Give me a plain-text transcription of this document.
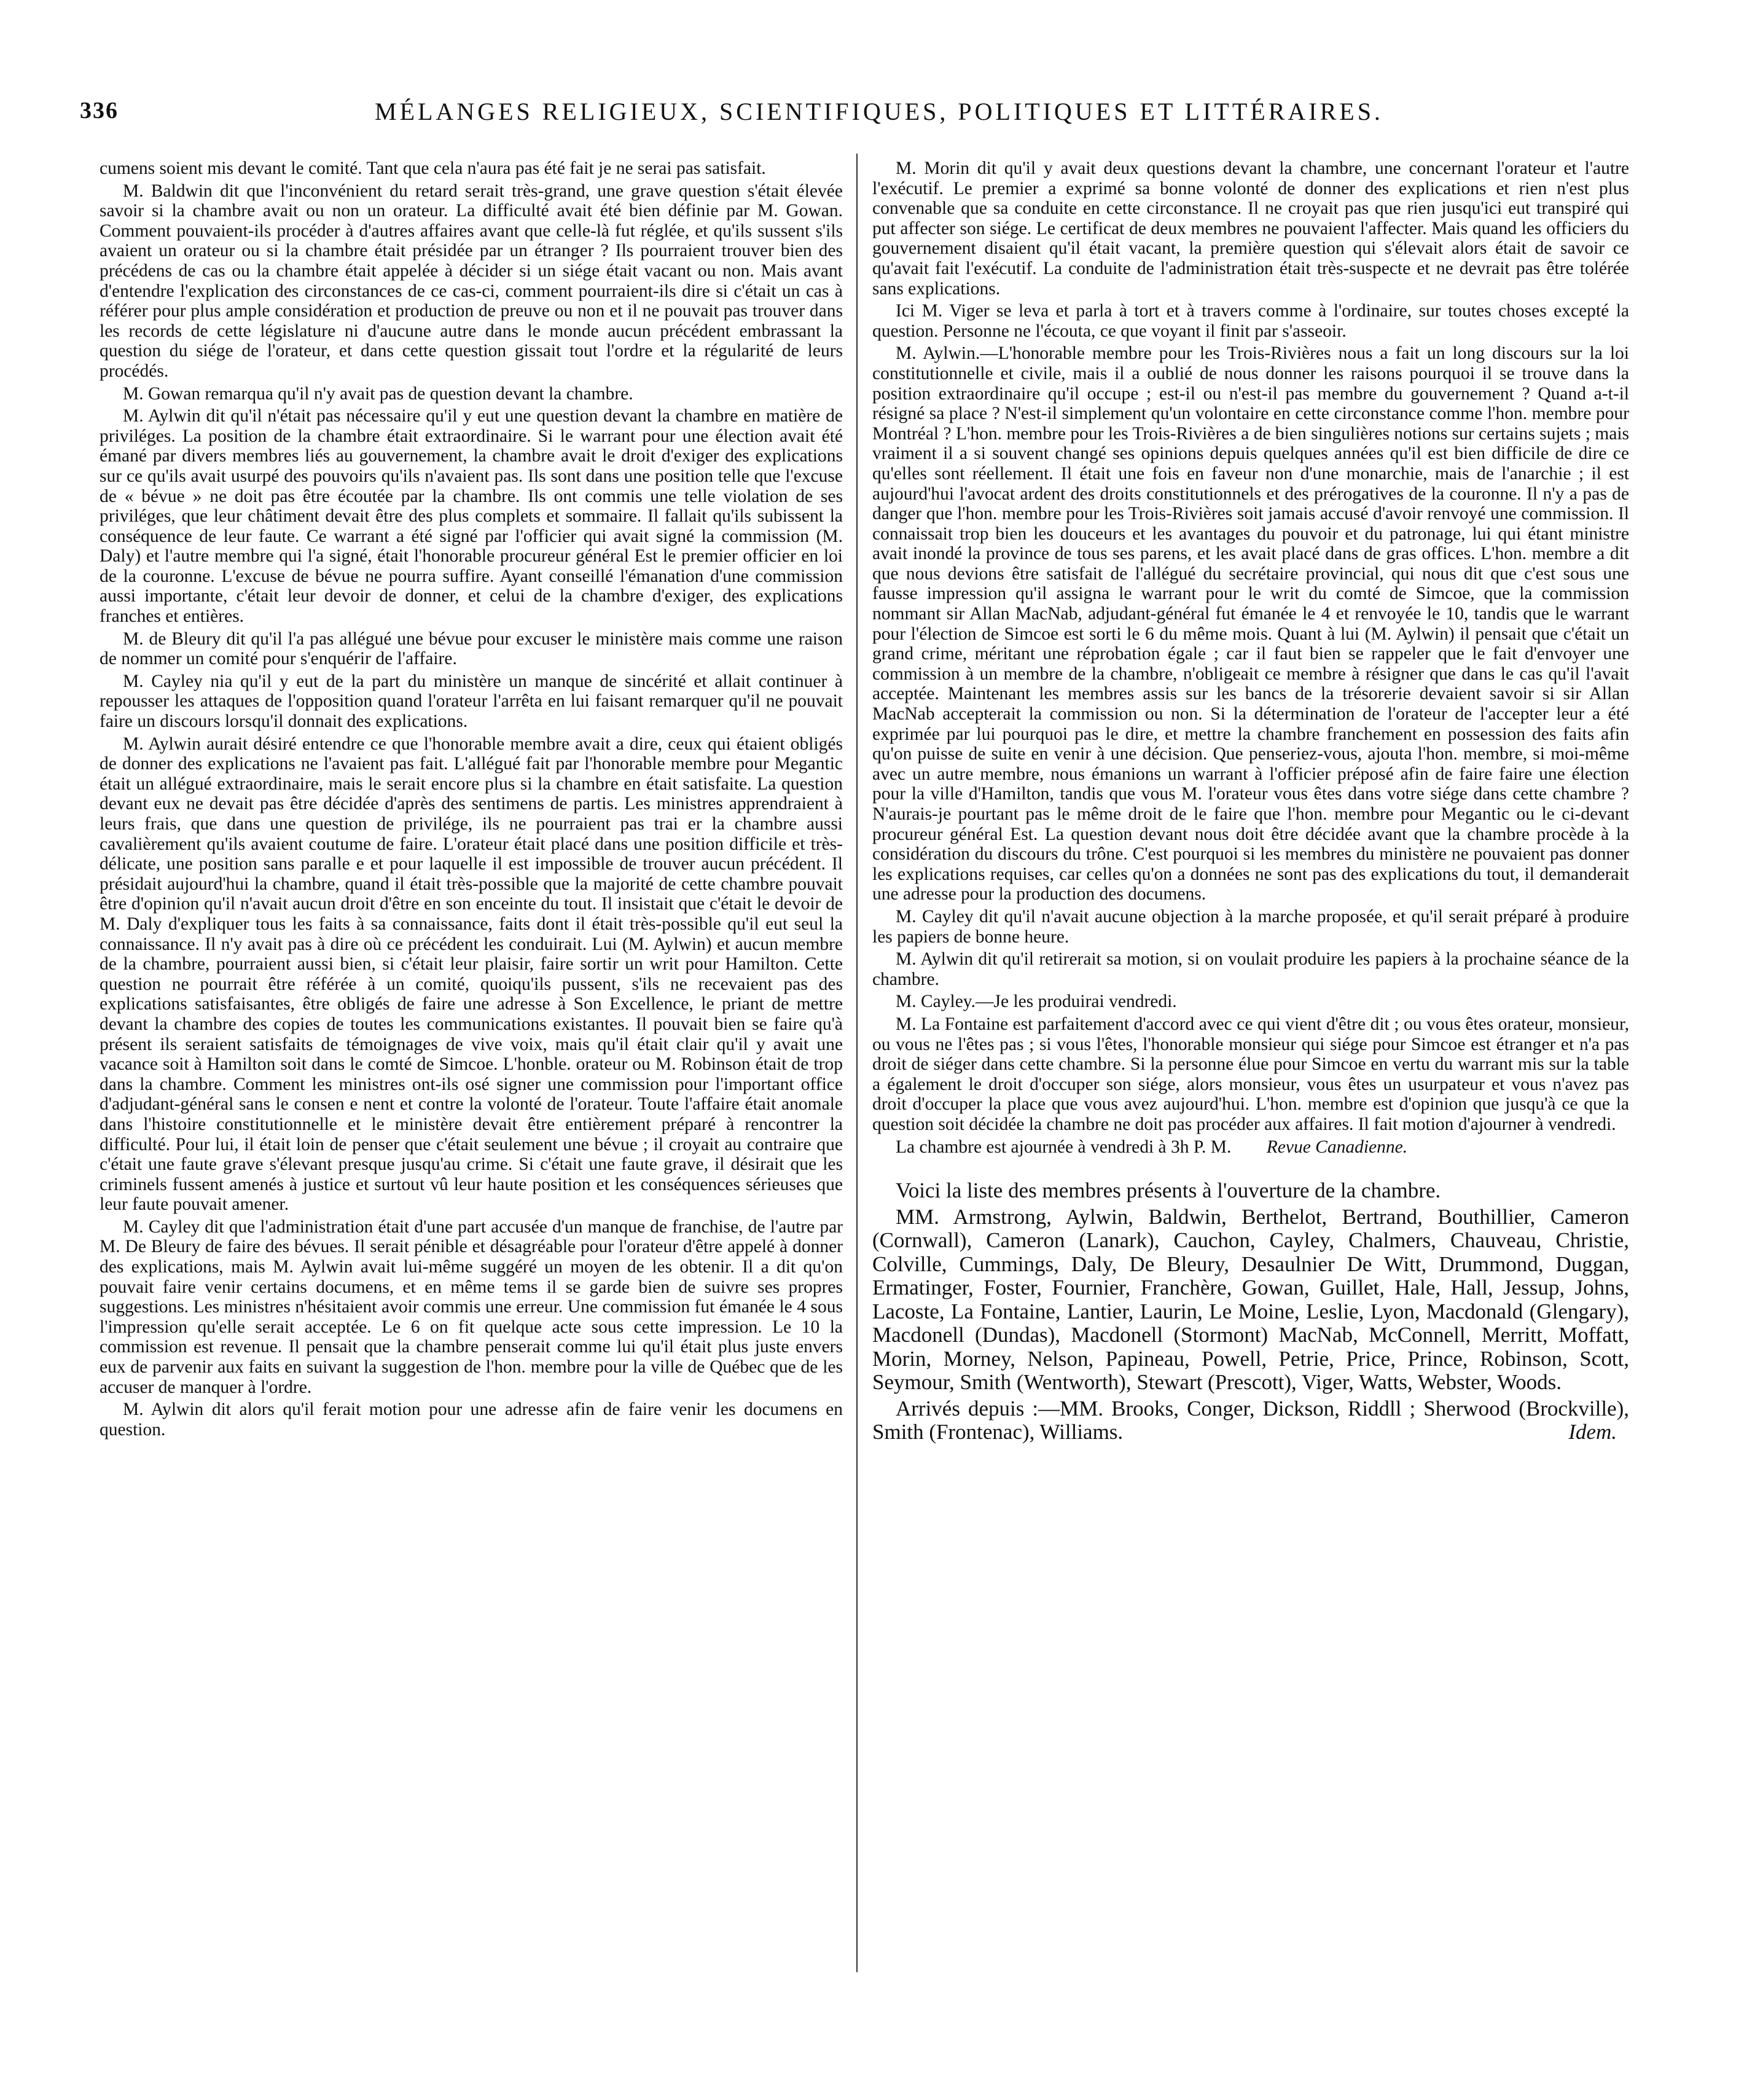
336	MÉLANGES RELIGIEUX, SCIENTIFIQUES, POLITIQUES ET LITTÉRAIRES.

cumens soient mis devant le comité. Tant que cela n'aura pas été fait je ne serai pas satisfait.

M. Baldwin dit que l'inconvénient du retard serait très-grand, une grave question s'était élevée savoir si la chambre avait ou non un orateur. La difficulté avait été bien définie par M. Gowan. Comment pouvaient-ils procéder à d'autres affaires avant que celle-là fut réglée, et qu'ils sussent s'ils avaient un orateur ou si la chambre était présidée par un étranger ? Ils pourraient trouver bien des précédens de cas ou la chambre était appelée à décider si un siége était vacant ou non. Mais avant d'entendre l'explication des circonstances de ce cas-ci, comment pourraient-ils dire si c'était un cas à référer pour plus ample considération et production de preuve ou non et il ne pouvait pas trouver dans les records de cette législature ni d'aucune autre dans le monde aucun précédent embrassant la question du siége de l'orateur, et dans cette question gissait tout l'ordre et la régularité de leurs procédés.

M. Gowan remarqua qu'il n'y avait pas de question devant la chambre.

M. Aylwin dit qu'il n'était pas nécessaire qu'il y eut une question devant la chambre en matière de priviléges. La position de la chambre était extraordinaire. Si le warrant pour une élection avait été émané par divers membres liés au gouvernement, la chambre avait le droit d'exiger des explications sur ce qu'ils avait usurpé des pouvoirs qu'ils n'avaient pas. Ils sont dans une position telle que l'excuse de « bévue » ne doit pas être écoutée par la chambre. Ils ont commis une telle violation de ses priviléges, que leur châtiment devait être des plus complets et sommaire. Il fallait qu'ils subissent la conséquence de leur faute. Ce warrant a été signé par l'officier qui avait signé la commission (M. Daly) et l'autre membre qui l'a signé, était l'honorable procureur général Est le premier officier en loi de la couronne. L'excuse de bévue ne pourra suffire. Ayant conseillé l'émanation d'une commission aussi importante, c'était leur devoir de donner, et celui de la chambre d'exiger, des explications franches et entières.

M. de Bleury dit qu'il l'a pas allégué une bévue pour excuser le ministère mais comme une raison de nommer un comité pour s'enquérir de l'affaire.

M. Cayley nia qu'il y eut de la part du ministère un manque de sincérité et allait continuer à repousser les attaques de l'opposition quand l'orateur l'arrêta en lui faisant remarquer qu'il ne pouvait faire un discours lorsqu'il donnait des explications.

M. Aylwin aurait désiré entendre ce que l'honorable membre avait a dire, ceux qui étaient obligés de donner des explications ne l'avaient pas fait. L'allégué fait par l'honorable membre pour Megantic était un allégué extraordinaire, mais le serait encore plus si la chambre en était satisfaite. La question devant eux ne devait pas être décidée d'après des sentimens de partis. Les ministres apprendraient à leurs frais, que dans une question de privilége, ils ne pourraient pas trai er la chambre aussi cavalièrement qu'ils avaient coutume de faire. L'orateur était placé dans une position difficile et très-délicate, une position sans paralle e et pour laquelle il est impossible de trouver aucun précédent. Il présidait aujourd'hui la chambre, quand il était très-possible que la majorité de cette chambre pouvait être d'opinion qu'il n'avait aucun droit d'être en son enceinte du tout. Il insistait que c'était le devoir de M. Daly d'expliquer tous les faits à sa connaissance, faits dont il était très-possible qu'il eut seul la connaissance. Il n'y avait pas à dire où ce précédent les conduirait. Lui (M. Aylwin) et aucun membre de la chambre, pourraient aussi bien, si c'était leur plaisir, faire sortir un writ pour Hamilton. Cette question ne pourrait être référée à un comité, quoiqu'ils pussent, s'ils ne recevaient pas des explications satisfaisantes, être obligés de faire une adresse à Son Excellence, le priant de mettre devant la chambre des copies de toutes les communications existantes. Il pouvait bien se faire qu'à présent ils seraient satisfaits de témoignages de vive voix, mais qu'il était clair qu'il y avait une vacance soit à Hamilton soit dans le comté de Simcoe. L'honble. orateur ou M. Robinson était de trop dans la chambre. Comment les ministres ont-ils osé signer une commission pour l'important office d'adjudant-général sans le consen e nent et contre la volonté de l'orateur. Toute l'affaire était anomale dans l'histoire constitutionnelle et le ministère devait être entièrement préparé à rencontrer la difficulté. Pour lui, il était loin de penser que c'était seulement une bévue ; il croyait au contraire que c'était une faute grave s'élevant presque jusqu'au crime. Si c'était une faute grave, il désirait que les criminels fussent amenés à justice et surtout vû leur haute position et les conséquences sérieuses que leur faute pouvait amener.

M. Cayley dit que l'administration était d'une part accusée d'un manque de franchise, de l'autre par M. De Bleury de faire des bévues. Il serait pénible et désagréable pour l'orateur d'être appelé à donner des explications, mais M. Aylwin avait lui-même suggéré un moyen de les obtenir. Il a dit qu'on pouvait faire venir certains documens, et en même tems il se garde bien de suivre ses propres suggestions. Les ministres n'hésitaient avoir commis une erreur. Une commission fut émanée le 4 sous l'impression qu'elle serait acceptée. Le 6 on fit quelque acte sous cette impression. Le 10 la commission est revenue. Il pensait que la chambre penserait comme lui qu'il était plus juste envers eux de parvenir aux faits en suivant la suggestion de l'hon. membre pour la ville de Québec que de les accuser de manquer à l'ordre.

M. Aylwin dit alors qu'il ferait motion pour une adresse afin de faire venir les documens en question.

M. Morin dit qu'il y avait deux questions devant la chambre, une concernant l'orateur et l'autre l'exécutif. Le premier a exprimé sa bonne volonté de donner des explications et rien n'est plus convenable que sa conduite en cette circonstance. Il ne croyait pas que rien jusqu'ici eut transpiré qui put affecter son siége. Le certificat de deux membres ne pouvaient l'affecter. Mais quand les officiers du gouvernement disaient qu'il était vacant, la première question qui s'élevait alors était de savoir ce qu'avait fait l'exécutif. La conduite de l'administration était très-suspecte et ne devrait pas être tolérée sans explications.

Ici M. Viger se leva et parla à tort et à travers comme à l'ordinaire, sur toutes choses excepté la question. Personne ne l'écouta, ce que voyant il finit par s'asseoir.

M. Aylwin.—L'honorable membre pour les Trois-Rivières nous a fait un long discours sur la loi constitutionnelle et civile, mais il a oublié de nous donner les raisons pourquoi il se trouve dans la position extraordinaire qu'il occupe ; est-il ou n'est-il pas membre du gouvernement ? Quand a-t-il résigné sa place ? N'est-il simplement qu'un volontaire en cette circonstance comme l'hon. membre pour Montréal ? L'hon. membre pour les Trois-Rivières a de bien singulières notions sur certains sujets ; mais vraiment il a si souvent changé ses opinions depuis quelques années qu'il est bien difficile de dire ce qu'elles sont réellement. Il était une fois en faveur non d'une monarchie, mais de l'anarchie ; il est aujourd'hui l'avocat ardent des droits constitutionnels et des prérogatives de la couronne. Il n'y a pas de danger que l'hon. membre pour les Trois-Rivières soit jamais accusé d'avoir renvoyé une commission. Il connaissait trop bien les douceurs et les avantages du pouvoir et du patronage, lui qui étant ministre avait inondé la province de tous ses parens, et les avait placé dans de gras offices. L'hon. membre a dit que nous devions être satisfait de l'allégué du secrétaire provincial, qui nous dit que c'est sous une fausse impression qu'il assigna le warrant pour le writ du comté de Simcoe, que la commission nommant sir Allan MacNab, adjudant-général fut émanée le 4 et renvoyée le 10, tandis que le warrant pour l'élection de Simcoe est sorti le 6 du même mois. Quant à lui (M. Aylwin) il pensait que c'était un grand crime, méritant une réprobation égale ; car il faut bien se rappeler que le fait d'envoyer une commission à un membre de la chambre, n'obligeait ce membre à résigner que dans le cas qu'il l'avait acceptée. Maintenant les membres assis sur les bancs de la trésorerie devaient savoir si sir Allan MacNab accepterait la commission ou non. Si la détermination de l'orateur de l'accepter leur a été exprimée par lui pourquoi pas le dire, et mettre la chambre franchement en possession des faits afin qu'on puisse de suite en venir à une décision. Que penseriez-vous, ajouta l'hon. membre, si moi-même avec un autre membre, nous émanions un warrant à l'officier préposé afin de faire faire une élection pour la ville d'Hamilton, tandis que vous M. l'orateur vous êtes dans votre siége dans cette chambre ? N'aurais-je pourtant pas le même droit de le faire que l'hon. membre pour Megantic ou le ci-devant procureur général Est. La question devant nous doit être décidée avant que la chambre procède à la considération du discours du trône. C'est pourquoi si les membres du ministère ne pouvaient pas donner les explications requises, car celles qu'on a données ne sont pas des explications du tout, il demanderait une adresse pour la production des documens.

M. Cayley dit qu'il n'avait aucune objection à la marche proposée, et qu'il serait préparé à produire les papiers de bonne heure.

M. Aylwin dit qu'il retirerait sa motion, si on voulait produire les papiers à la prochaine séance de la chambre.

M. Cayley.—Je les produirai vendredi.

M. La Fontaine est parfaitement d'accord avec ce qui vient d'être dit ; ou vous êtes orateur, monsieur, ou vous ne l'êtes pas ; si vous l'êtes, l'honorable monsieur qui siége pour Simcoe est étranger et n'a pas droit de siéger dans cette chambre. Si la personne élue pour Simcoe en vertu du warrant mis sur la table a également le droit d'occuper son siége, alors monsieur, vous êtes un usurpateur et vous n'avez pas droit d'occuper la place que vous avez aujourd'hui. L'hon. membre est d'opinion que jusqu'à ce que la question soit décidée la chambre ne doit pas procéder aux affaires. Il fait motion d'ajourner à vendredi.

La chambre est ajournée à vendredi à 3h P. M. Revue Canadienne.

Voici la liste des membres présents à l'ouverture de la chambre.

MM. Armstrong, Aylwin, Baldwin, Berthelot, Bertrand, Bouthillier, Cameron (Cornwall), Cameron (Lanark), Cauchon, Cayley, Chalmers, Chauveau, Christie, Colville, Cummings, Daly, De Bleury, Desaulnier De Witt, Drummond, Duggan, Ermatinger, Foster, Fournier, Franchère, Gowan, Guillet, Hale, Hall, Jessup, Johns, Lacoste, La Fontaine, Lantier, Laurin, Le Moine, Leslie, Lyon, Macdonald (Glengary), Macdonell (Dundas), Macdonell (Stormont) MacNab, McConnell, Merritt, Moffatt, Morin, Morney, Nelson, Papineau, Powell, Petrie, Price, Prince, Robinson, Scott, Seymour, Smith (Wentworth), Stewart (Prescott), Viger, Watts, Webster, Woods.

Arrivés depuis :—MM. Brooks, Conger, Dickson, Riddll ; Sherwood (Brockville), Smith (Frontenac), Williams.	Idem.
